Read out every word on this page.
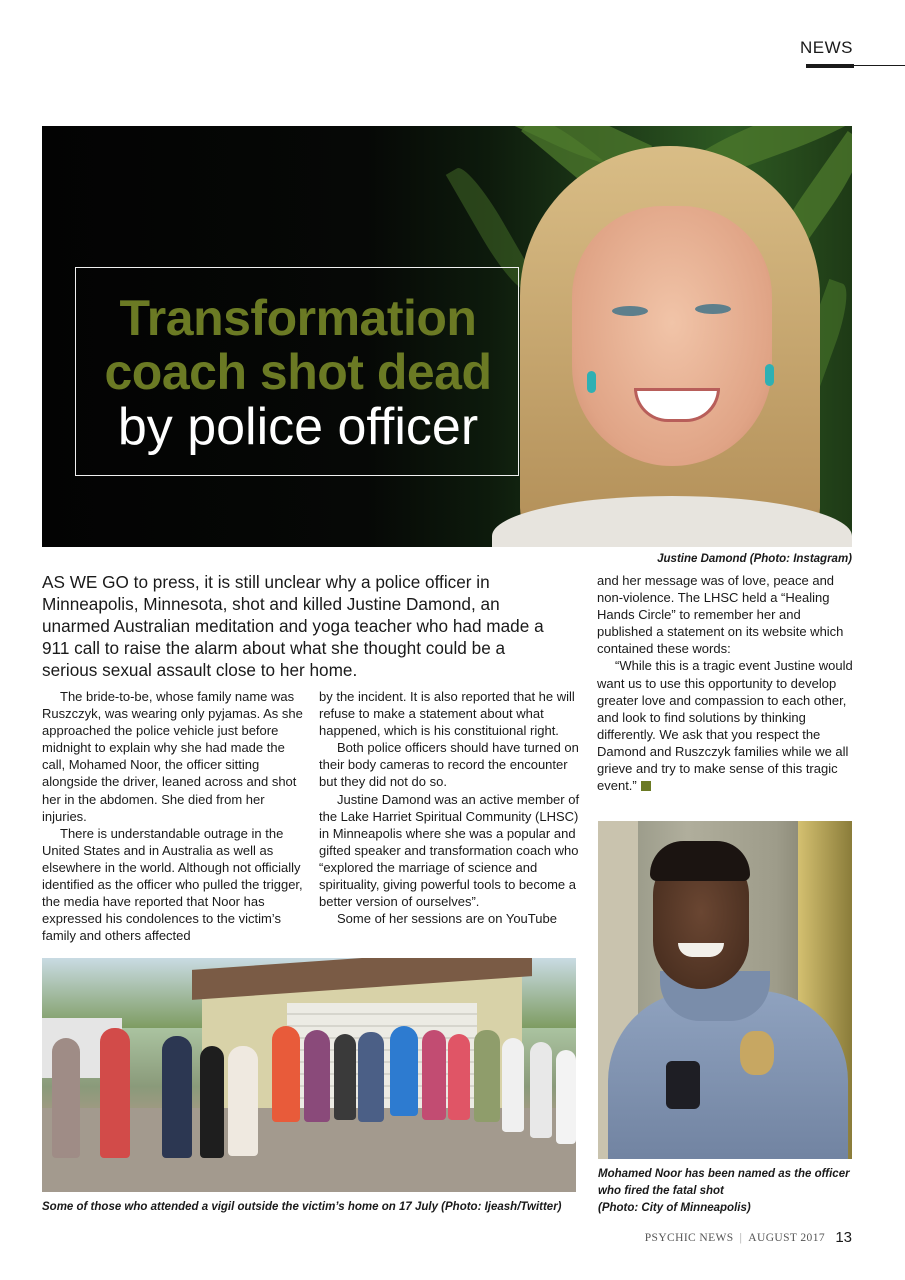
NEWS
Transformation
coach shot dead
by police officer
Justine Damond (Photo: Instagram)
AS WE GO to press, it is still unclear why a police officer in Minneapolis, Minnesota, shot and killed Justine Damond, an unarmed Australian meditation and yoga teacher who had made a 911 call to raise the alarm about what she thought could be a serious sexual assault close to her home.

The bride-to-be, whose family name was Ruszczyk, was wearing only pyjamas. As she approached the police vehicle just before midnight to explain why she had made the call, Mohamed Noor, the officer sitting alongside the driver, leaned across and shot her in the abdomen. She died from her injuries.

There is understandable outrage in the United States and in Australia as well as elsewhere in the world. Although not officially identified as the officer who pulled the trigger, the media have reported that Noor has expressed his condolences to the victim’s family and others affected

by the incident. It is also reported that he will refuse to make a statement about what happened, which is his constituional right.

Both police officers should have turned on their body cameras to record the encounter but they did not do so.

Justine Damond was an active member of the Lake Harriet Spiritual Community (LHSC) in Minneapolis where she was a popular and gifted speaker and transformation coach who “explored the marriage of science and spirituality, giving powerful tools to become a better version of ourselves”.

Some of her sessions are on YouTube

and her message was of love, peace and non-violence. The LHSC held a “Healing Hands Circle” to remember her and published a statement on its website which contained these words:

“While this is a tragic event Justine would want us to use this opportunity to develop greater love and compassion to each other, and look to find solutions by thinking differently. We ask that you respect the Damond and Ruszczyk families while we all grieve and try to make sense of this tragic event.”

Some of those who attended a vigil outside the victim’s home on 17 July (Photo: Ijeash/Twitter)
Mohamed Noor has been named as the officer
who fired the fatal shot
(Photo: City of Minneapolis)
PSYCHIC NEWS | AUGUST 2017 13
